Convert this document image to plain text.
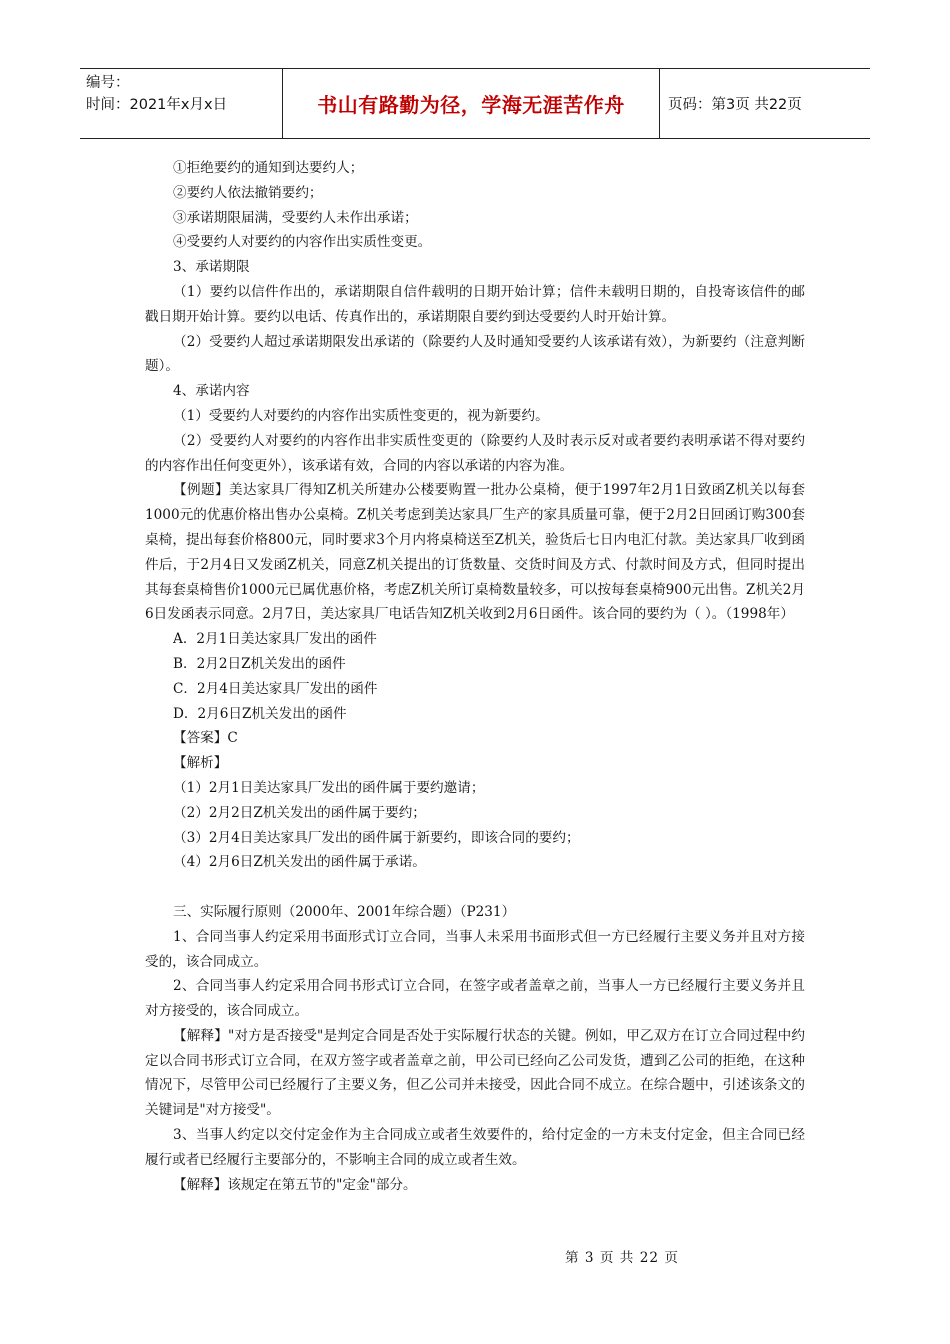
编号：
时间：2021年x月x日	书山有路勤为径，学海无涯苦作舟	页码：第3页 共22页

①拒绝要约的通知到达要约人；

②要约人依法撤销要约；

③承诺期限届满，受要约人未作出承诺；

④受要约人对要约的内容作出实质性变更。

3、承诺期限

（1）要约以信件作出的，承诺期限自信件载明的日期开始计算；信件未载明日期的，自投寄该信件的邮戳日期开始计算。要约以电话、传真作出的，承诺期限自要约到达受要约人时开始计算。

（2）受要约人超过承诺期限发出承诺的（除要约人及时通知受要约人该承诺有效），为新要约（注意判断题）。

4、承诺内容

（1）受要约人对要约的内容作出实质性变更的，视为新要约。

（2）受要约人对要约的内容作出非实质性变更的（除要约人及时表示反对或者要约表明承诺不得对要约的内容作出任何变更外），该承诺有效，合同的内容以承诺的内容为准。

【例题】美达家具厂得知Z机关所建办公楼要购置一批办公桌椅，便于1997年2月1日致函Z机关以每套1000元的优惠价格出售办公桌椅。Z机关考虑到美达家具厂生产的家具质量可靠，便于2月2日回函订购300套桌椅，提出每套价格800元，同时要求3个月内将桌椅送至Z机关，验货后七日内电汇付款。美达家具厂收到函件后，于2月4日又发函Z机关，同意Z机关提出的订货数量、交货时间及方式、付款时间及方式，但同时提出其每套桌椅售价1000元已属优惠价格，考虑Z机关所订桌椅数量较多，可以按每套桌椅900元出售。Z机关2月6日发函表示同意。2月7日，美达家具厂电话告知Z机关收到2月6日函件。该合同的要约为（ ）。（1998年）

A．2月1日美达家具厂发出的函件

B．2月2日Z机关发出的函件

C．2月4日美达家具厂发出的函件

D．2月6日Z机关发出的函件

【答案】C

【解析】

（1）2月1日美达家具厂发出的函件属于要约邀请；

（2）2月2日Z机关发出的函件属于要约；

（3）2月4日美达家具厂发出的函件属于新要约，即该合同的要约；

（4）2月6日Z机关发出的函件属于承诺。

三、实际履行原则（2000年、2001年综合题）（P231）

1、合同当事人约定采用书面形式订立合同，当事人未采用书面形式但一方已经履行主要义务并且对方接受的，该合同成立。

2、合同当事人约定采用合同书形式订立合同，在签字或者盖章之前，当事人一方已经履行主要义务并且对方接受的，该合同成立。

【解释】"对方是否接受"是判定合同是否处于实际履行状态的关键。例如，甲乙双方在订立合同过程中约定以合同书形式订立合同，在双方签字或者盖章之前，甲公司已经向乙公司发货，遭到乙公司的拒绝，在这种情况下，尽管甲公司已经履行了主要义务，但乙公司并未接受，因此合同不成立。在综合题中，引述该条文的关键词是"对方接受"。

3、当事人约定以交付定金作为主合同成立或者生效要件的，给付定金的一方未支付定金，但主合同已经履行或者已经履行主要部分的，不影响主合同的成立或者生效。

【解释】该规定在第五节的"定金"部分。

第 3 页 共 22 页
